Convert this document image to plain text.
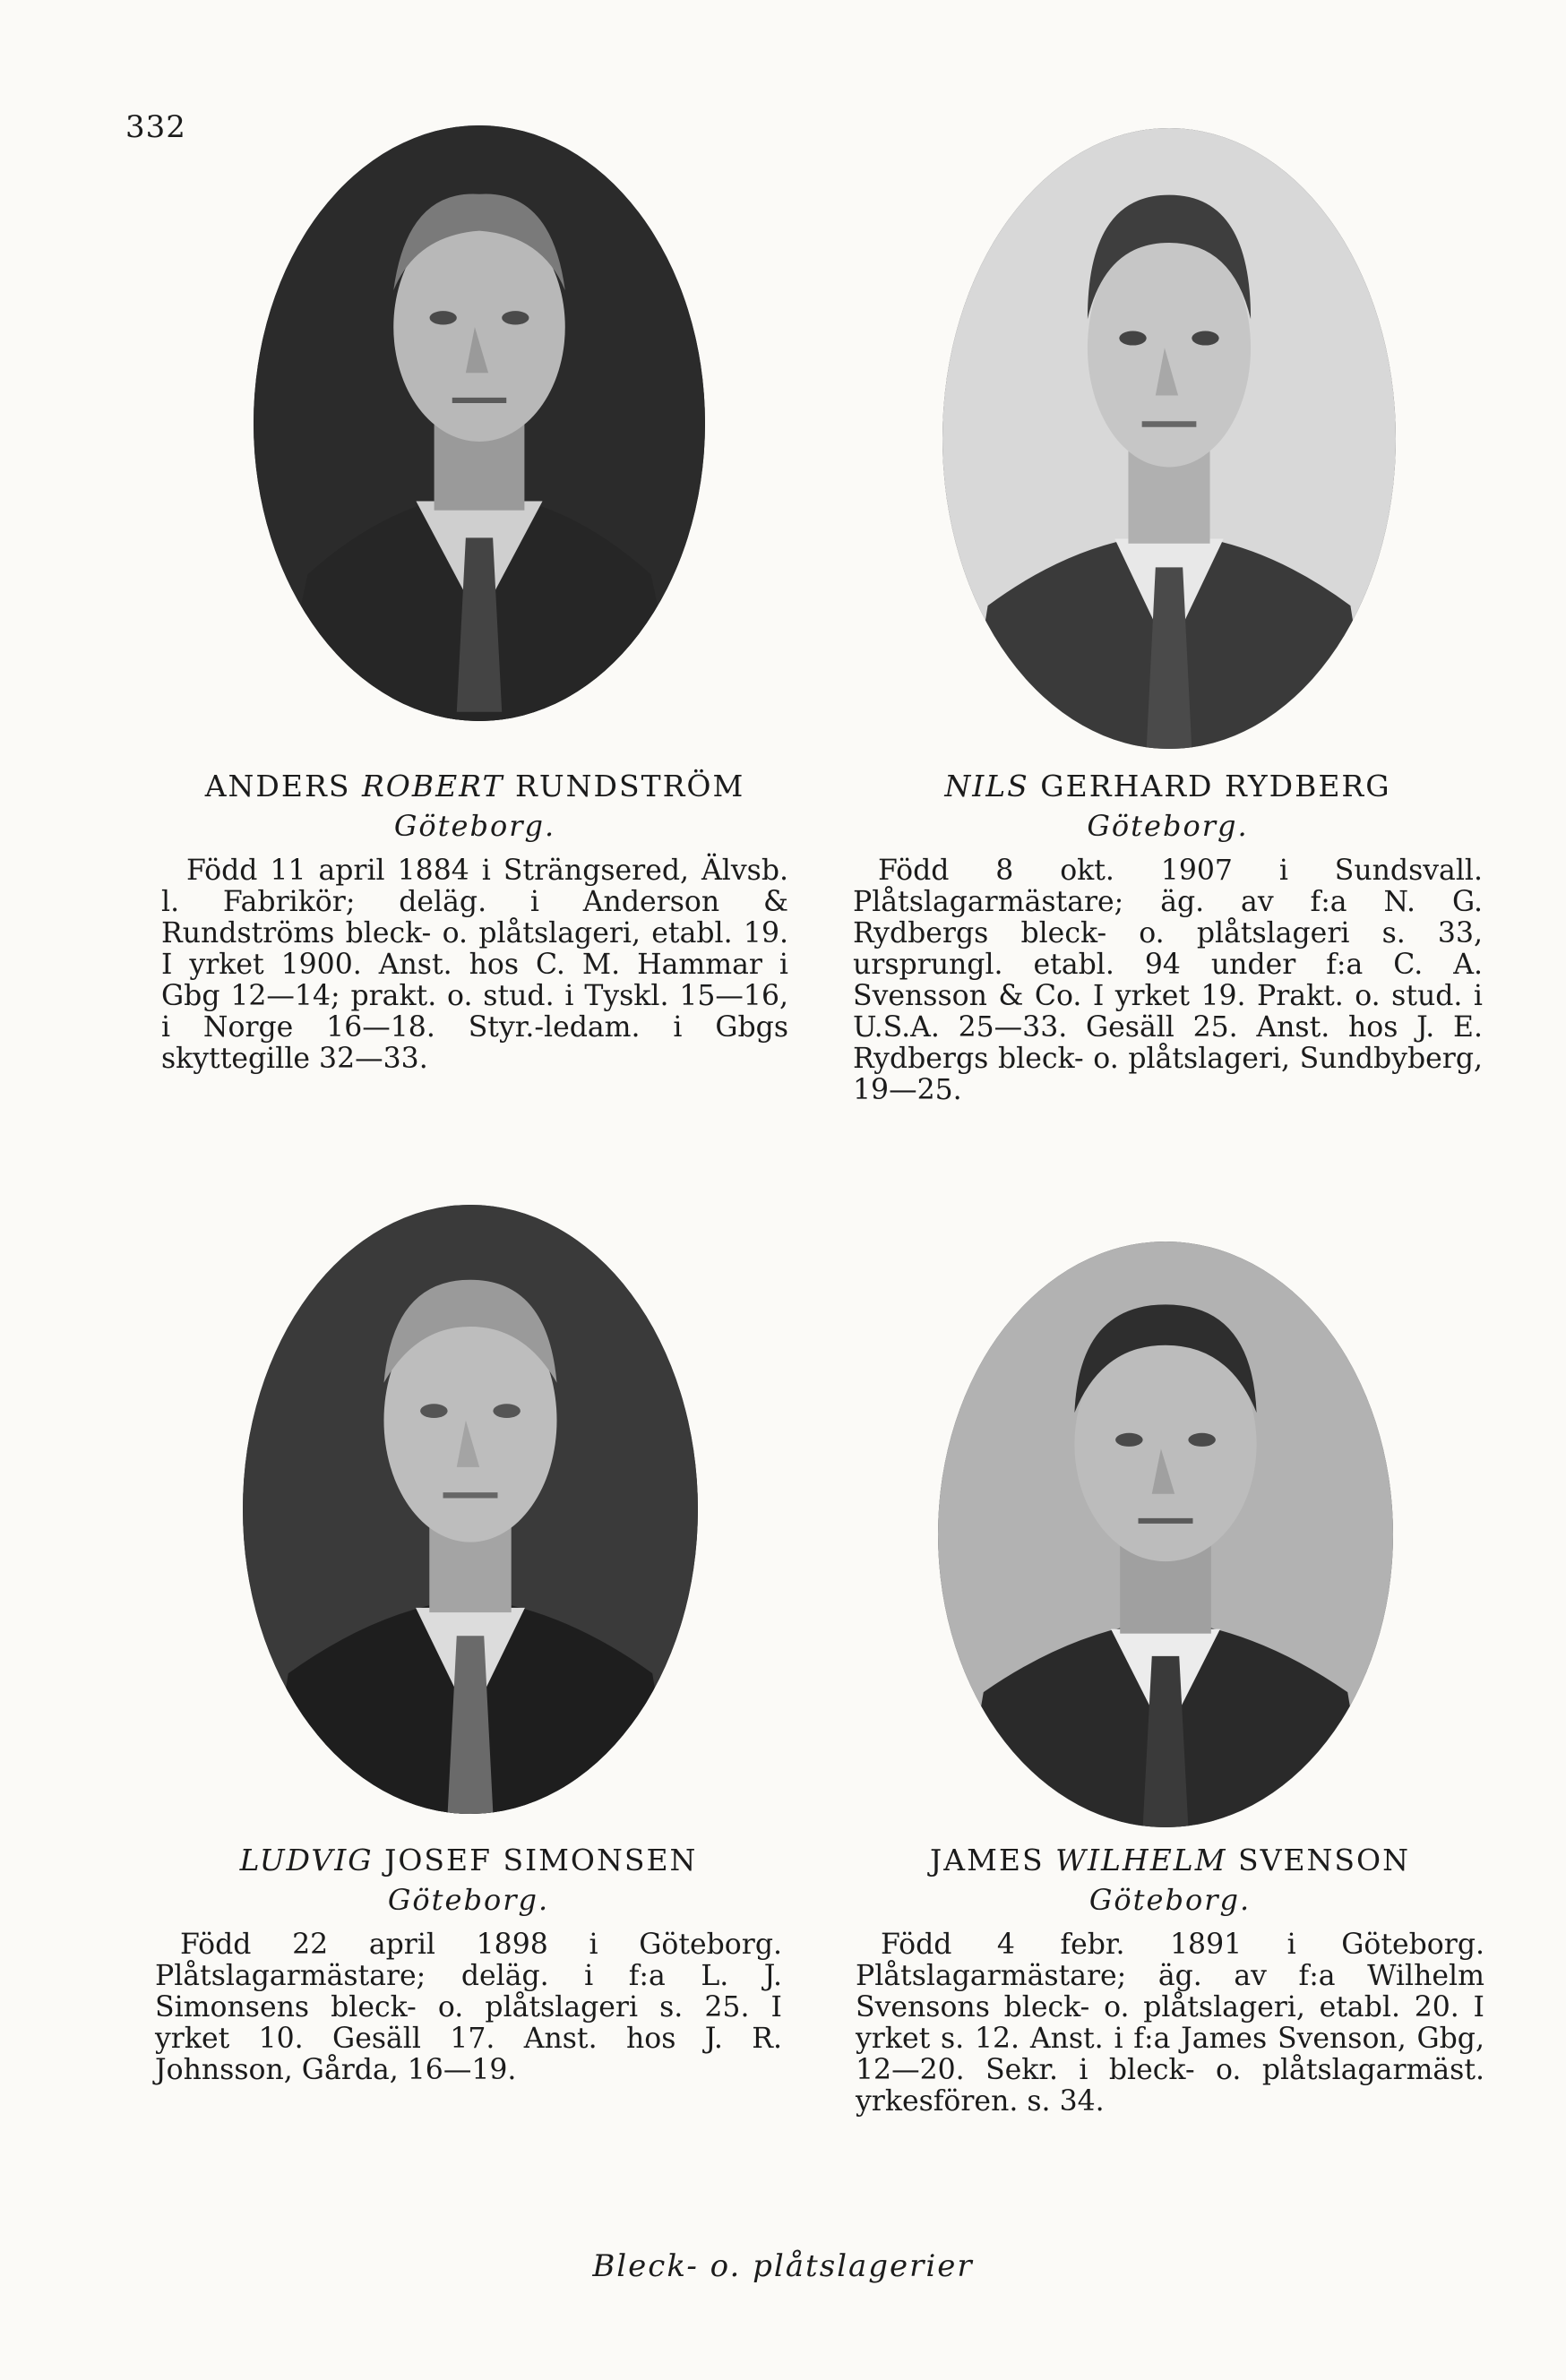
332
ANDERS ROBERT RUNDSTRÖM
Göteborg.

Född 11 april 1884 i Strängsered, Älvsb. l. Fabrikör; deläg. i Anderson & Rundströms bleck- o. plåtslageri, etabl. 19. I yrket 1900. Anst. hos C. M. Hammar i Gbg 12—14; prakt. o. stud. i Tyskl. 15—16, i Norge 16—18. Styr.-ledam. i Gbgs skyttegille 32—33.

NILS GERHARD RYDBERG
Göteborg.

Född 8 okt. 1907 i Sundsvall. Plåtslagarmästare; äg. av f:a N. G. Rydbergs bleck- o. plåtslageri s. 33, ursprungl. etabl. 94 under f:a C. A. Svensson & Co. I yrket 19. Prakt. o. stud. i U.S.A. 25—33. Gesäll 25. Anst. hos J. E. Rydbergs bleck- o. plåtslageri, Sundbyberg, 19—25.

LUDVIG JOSEF SIMONSEN
Göteborg.

Född 22 april 1898 i Göteborg. Plåtslagarmästare; deläg. i f:a L. J. Simonsens bleck- o. plåtslageri s. 25. I yrket 10. Gesäll 17. Anst. hos J. R. Johnsson, Gårda, 16—19.

JAMES WILHELM SVENSON
Göteborg.

Född 4 febr. 1891 i Göteborg. Plåtslagarmästare; äg. av f:a Wilhelm Svensons bleck- o. plåtslageri, etabl. 20. I yrket s. 12. Anst. i f:a James Svenson, Gbg, 12—20. Sekr. i bleck- o. plåtslagarmäst. yrkesfören. s. 34.

Bleck- o. plåtslagerier
